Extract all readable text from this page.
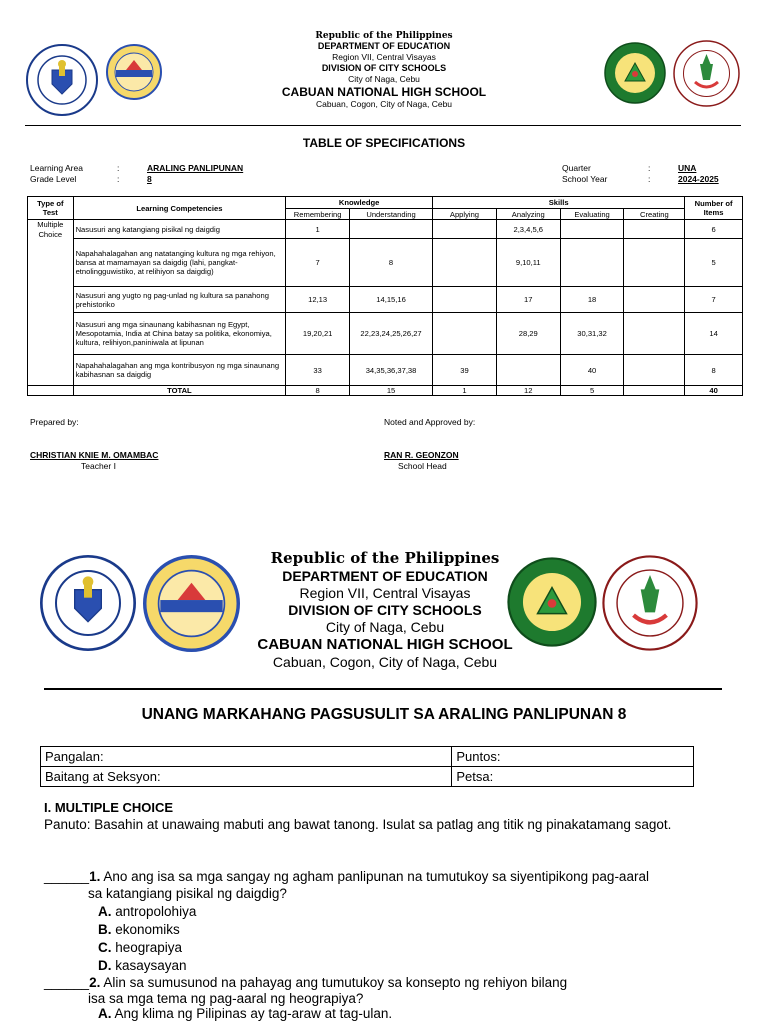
Republic of the Philippines
DEPARTMENT OF EDUCATION
Region VII, Central Visayas
DIVISION OF CITY SCHOOLS
City of Naga, Cebu
CABUAN NATIONAL HIGH SCHOOL
Cabuan, Cogon, City of Naga, Cebu
TABLE OF SPECIFICATIONS
Learning Area	:	ARALING PANLIPUNAN
Grade Level	:	8
Quarter	:	UNA
School Year	:	2024-2025
Type of Test	Learning Competencies	Knowledge		Skills				Number of Items
		Remembering	Understanding	Applying	Analyzing	Evaluating	Creating	
Multiple Choice	Nasusuri ang katangiang pisikal ng daigdig	1			2,3,4,5,6			6
	Napahahalagahan ang natatanging kultura ng mga rehiyon, bansa at mamamayan sa daigdig (lahi, pangkat- etnolingguwistiko, at relihiyon sa daigdig)	7	8		9,10,11			5
	Nasusuri ang yugto ng pag-unlad ng kultura sa panahong prehistoriko	12,13	14,15,16		17	18		7
	Nasusuri ang mga sinaunang kabihasnan ng Egypt, Mesopotamia, India at China batay sa politika, ekonomiya, kultura, relihiyon,paniniwala at lipunan	19,20,21	22,23,24,25,26,27		28,29	30,31,32		14
	Napahahalagahan ang mga kontribusyon ng mga sinaunang kabihasnan sa daigdig	33	34,35,36,37,38	39		40		8
	TOTAL	8	15	1	12	5		40
Prepared by:	Noted and Approved by:
CHRISTIAN KNIE M. OMAMBAC
Teacher I
RAN R. GEONZON
School Head
Republic of the Philippines
DEPARTMENT OF EDUCATION
Region VII, Central Visayas
DIVISION OF CITY SCHOOLS
City of Naga, Cebu
CABUAN NATIONAL HIGH SCHOOL
Cabuan, Cogon, City of Naga, Cebu
UNANG MARKAHANG PAGSUSULIT SA ARALING PANLIPUNAN 8
Pangalan:	Puntos:
Baitang at Seksyon:	Petsa:
I. MULTIPLE CHOICE
Panuto: Basahin at unawaing mabuti ang bawat tanong. Isulat sa patlag ang titik ng pinakatamang sagot.
______1. Ano ang isa sa mga sangay ng agham panlipunan na tumutukoy sa siyentipikong pag-aaral
sa katangiang pisikal ng daigdig?
A. antropolohiya
B. ekonomiks
C. heograpiya
D. kasaysayan
______2. Alin sa sumusunod na pahayag ang tumutukoy sa konsepto ng rehiyon bilang
isa sa mga tema ng pag-aaral ng heograpiya?
A. Ang klima ng Pilipinas ay tag-araw at tag-ulan.
